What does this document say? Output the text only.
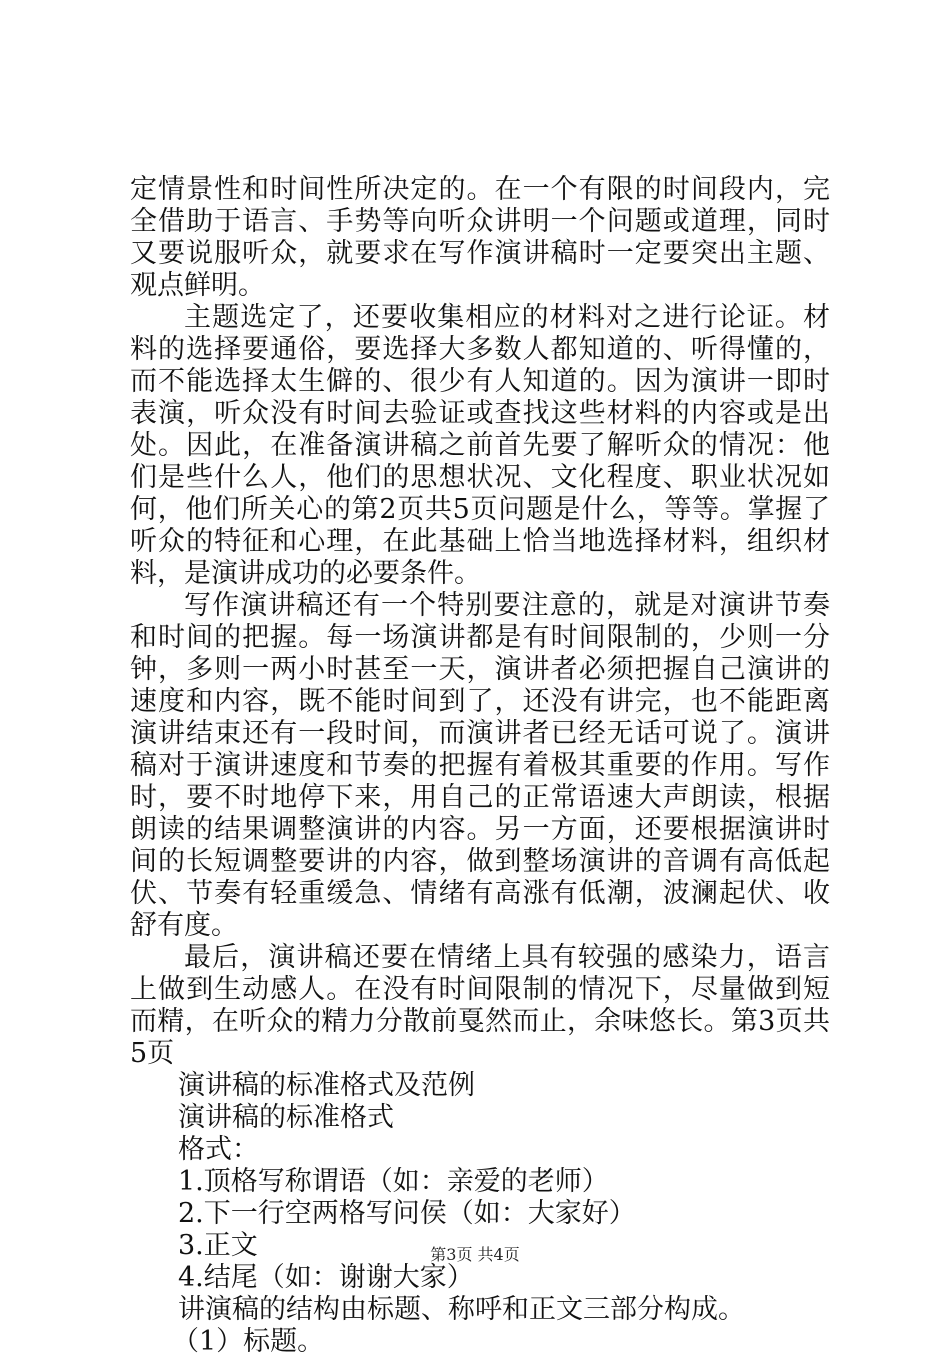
定情景性和时间性所决定的。在一个有限的时间段内，完全借助于语言、手势等向听众讲明一个问题或道理，同时又要说服听众，就要求在写作演讲稿时一定要突出主题、观点鲜明。

主题选定了，还要收集相应的材料对之进行论证。材料的选择要通俗，要选择大多数人都知道的、听得懂的，而不能选择太生僻的、很少有人知道的。因为演讲一即时表演，听众没有时间去验证或查找这些材料的内容或是出处。因此，在准备演讲稿之前首先要了解听众的情况：他们是些什么人，他们的思想状况、文化程度、职业状况如何，他们所关心的第2页共5页问题是什么，等等。掌握了听众的特征和心理，在此基础上恰当地选择材料，组织材料，是演讲成功的必要条件。

写作演讲稿还有一个特别要注意的，就是对演讲节奏和时间的把握。每一场演讲都是有时间限制的，少则一分钟，多则一两小时甚至一天，演讲者必须把握自己演讲的速度和内容，既不能时间到了，还没有讲完，也不能距离演讲结束还有一段时间，而演讲者已经无话可说了。演讲稿对于演讲速度和节奏的把握有着极其重要的作用。写作时，要不时地停下来，用自己的正常语速大声朗读，根据朗读的结果调整演讲的内容。另一方面，还要根据演讲时间的长短调整要讲的内容，做到整场演讲的音调有高低起伏、节奏有轻重缓急、情绪有高涨有低潮，波澜起伏、收舒有度。

最后，演讲稿还要在情绪上具有较强的感染力，语言上做到生动感人。在没有时间限制的情况下，尽量做到短而精，在听众的精力分散前戛然而止，余味悠长。第3页共5页

演讲稿的标准格式及范例

演讲稿的标准格式

格式：

1.顶格写称谓语（如：亲爱的老师）

2.下一行空两格写问侯（如：大家好）

3.正文

4.结尾（如：谢谢大家）

讲演稿的结构由标题、称呼和正文三部分构成。

（1）标题。

第3页 共4页
